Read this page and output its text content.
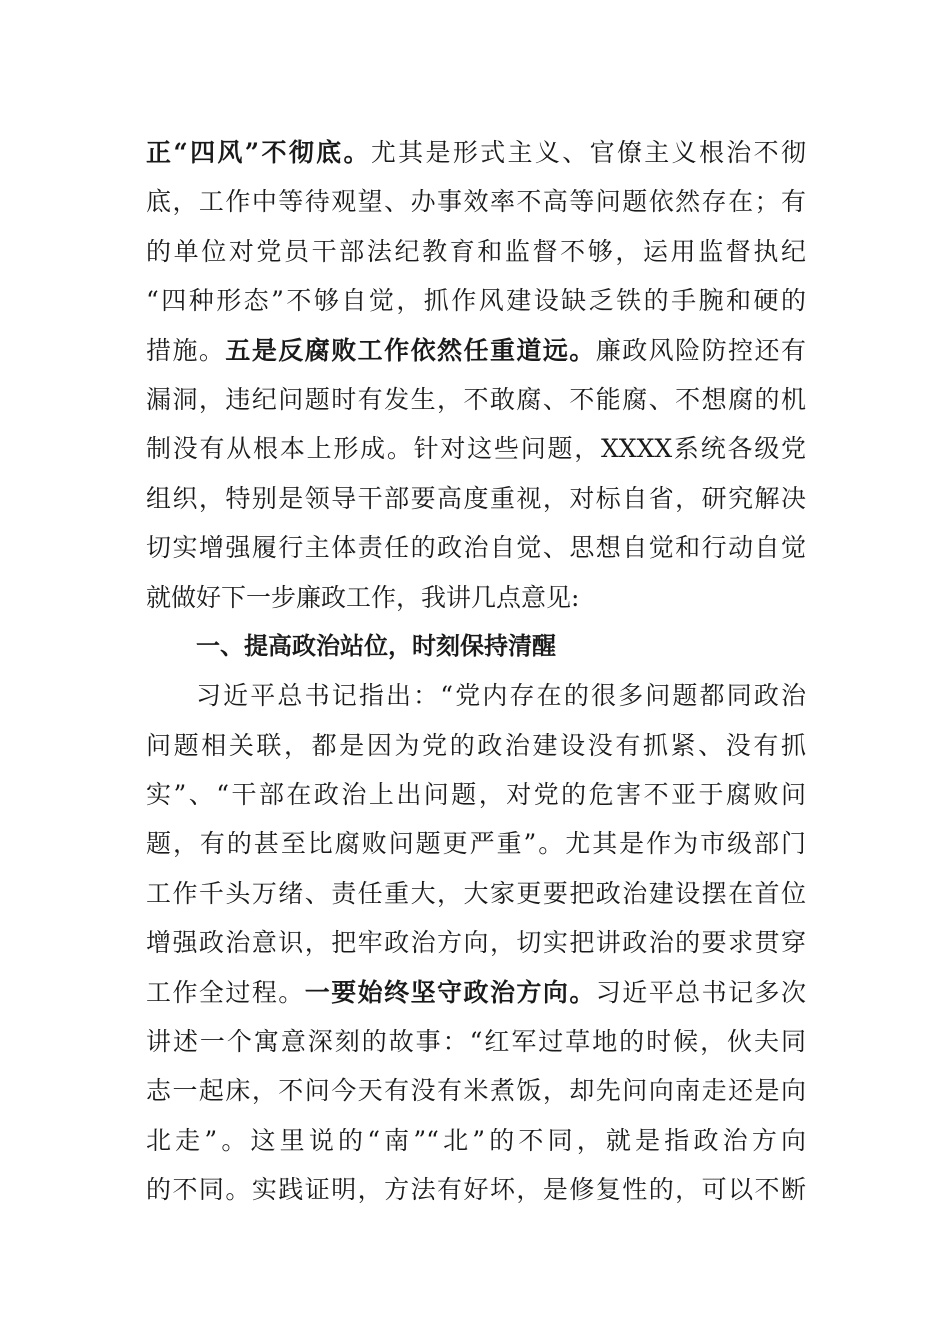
正“四风”不彻底。尤其是形式主义、官僚主义根治不彻
底，工作中等待观望、办事效率不高等问题依然存在；有
的单位对党员干部法纪教育和监督不够，运用监督执纪
“四种形态”不够自觉，抓作风建设缺乏铁的手腕和硬的
措施。五是反腐败工作依然任重道远。廉政风险防控还有
漏洞，违纪问题时有发生，不敢腐、不能腐、不想腐的机
制没有从根本上形成。针对这些问题，XXXX系统各级党
组织，特别是领导干部要高度重视，对标自省，研究解决
切实增强履行主体责任的政治自觉、思想自觉和行动自觉
就做好下一步廉政工作，我讲几点意见:
一、提高政治站位，时刻保持清醒
习近平总书记指出：“党内存在的很多问题都同政治
问题相关联，都是因为党的政治建设没有抓紧、没有抓
实”、“干部在政治上出问题，对党的危害不亚于腐败问
题，有的甚至比腐败问题更严重”。尤其是作为市级部门
工作千头万绪、责任重大，大家更要把政治建设摆在首位
增强政治意识，把牢政治方向，切实把讲政治的要求贯穿
工作全过程。一要始终坚守政治方向。习近平总书记多次
讲述一个寓意深刻的故事：“红军过草地的时候，伙夫同
志一起床，不问今天有没有米煮饭，却先问向南走还是向
北走”。这里说的“南”“北”的不同，就是指政治方向
的不同。实践证明，方法有好坏，是修复性的，可以不断
